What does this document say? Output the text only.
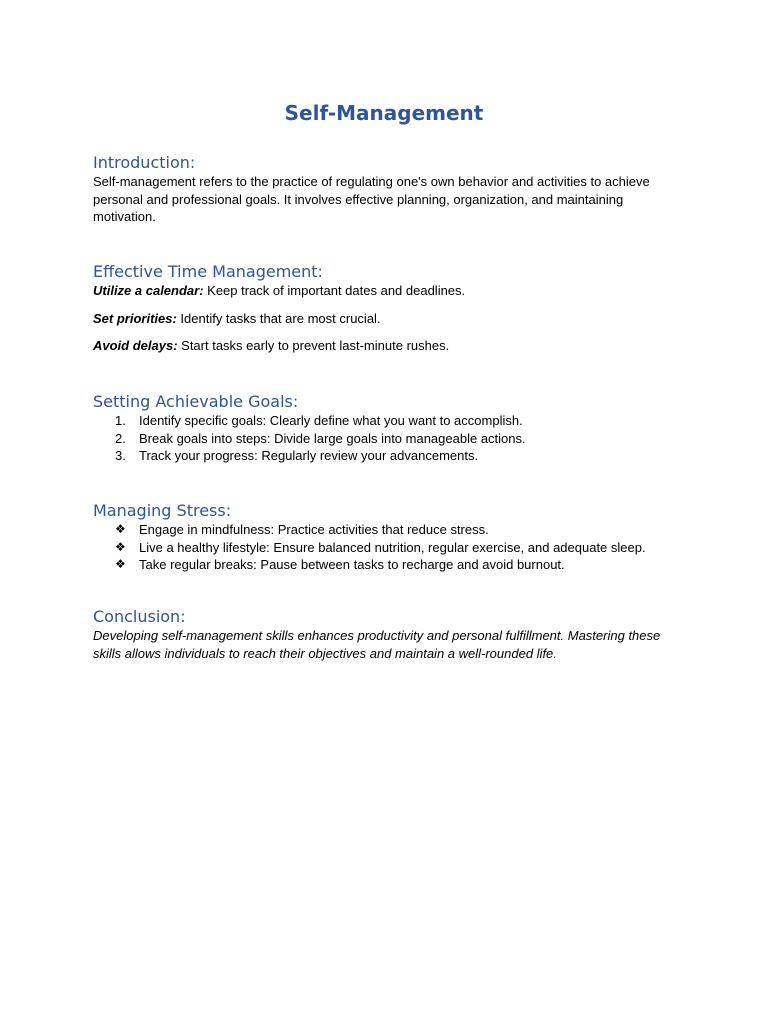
Self-Management
Introduction:

Self-management refers to the practice of regulating one's own behavior and activities to achieve personal and professional goals. It involves effective planning, organization, and maintaining motivation.

Effective Time Management:

Utilize a calendar: Keep track of important dates and deadlines.

Set priorities: Identify tasks that are most crucial.

Avoid delays: Start tasks early to prevent last-minute rushes.

Setting Achievable Goals:
1.	Identify specific goals: Clearly define what you want to accomplish.
2.	Break goals into steps: Divide large goals into manageable actions.
3.	Track your progress: Regularly review your advancements.
Managing Stress:
❖	Engage in mindfulness: Practice activities that reduce stress.
❖	Live a healthy lifestyle: Ensure balanced nutrition, regular exercise, and adequate sleep.
❖	Take regular breaks: Pause between tasks to recharge and avoid burnout.
Conclusion:

Developing self-management skills enhances productivity and personal fulfillment. Mastering these skills allows individuals to reach their objectives and maintain a well-rounded life.
